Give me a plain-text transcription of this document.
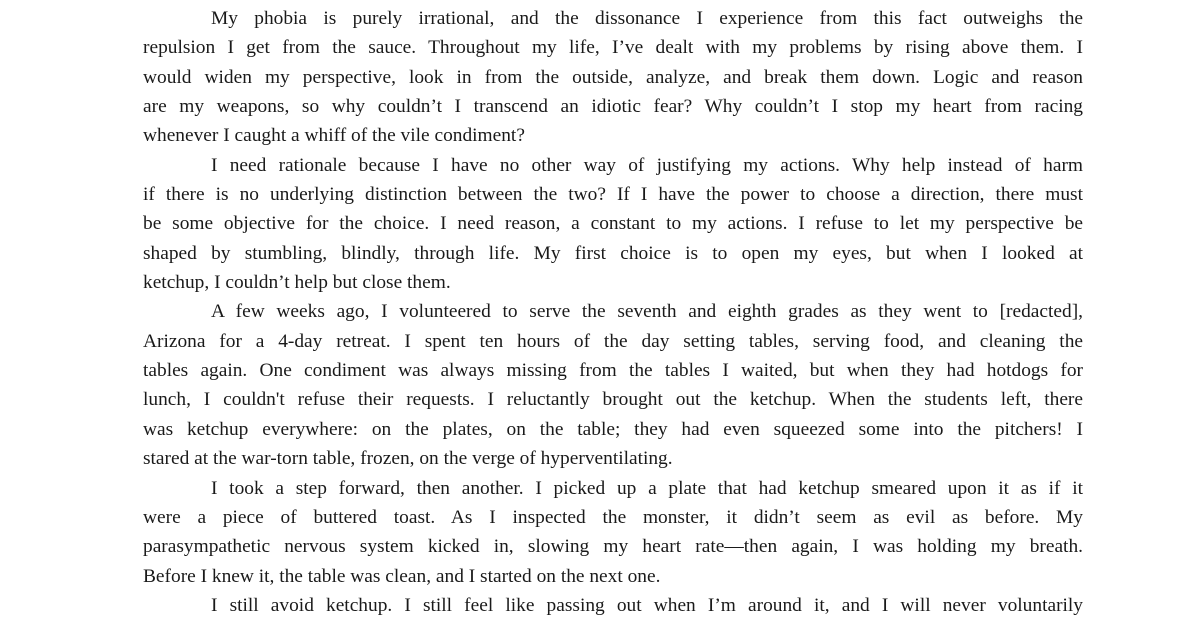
My phobia is purely irrational, and the dissonance I experience from this fact outweighs the
repulsion I get from the sauce. Throughout my life, I’ve dealt with my problems by rising above them. I
would widen my perspective, look in from the outside, analyze, and break them down. Logic and reason
are my weapons, so why couldn’t I transcend an idiotic fear? Why couldn’t I stop my heart from racing
whenever I caught a whiff of the vile condiment?
I need rationale because I have no other way of justifying my actions. Why help instead of harm
if there is no underlying distinction between the two? If I have the power to choose a direction, there must
be some objective for the choice. I need reason, a constant to my actions. I refuse to let my perspective be
shaped by stumbling, blindly, through life. My first choice is to open my eyes, but when I looked at
ketchup, I couldn’t help but close them.
A few weeks ago, I volunteered to serve the seventh and eighth grades as they went to [redacted],
Arizona for a 4-day retreat. I spent ten hours of the day setting tables, serving food, and cleaning the
tables again. One condiment was always missing from the tables I waited, but when they had hotdogs for
lunch, I couldn't refuse their requests. I reluctantly brought out the ketchup. When the students left, there
was ketchup everywhere: on the plates, on the table; they had even squeezed some into the pitchers! I
stared at the war-torn table, frozen, on the verge of hyperventilating.
I took a step forward, then another. I picked up a plate that had ketchup smeared upon it as if it
were a piece of buttered toast. As I inspected the monster, it didn’t seem as evil as before. My
parasympathetic nervous system kicked in, slowing my heart rate—then again, I was holding my breath.
Before I knew it, the table was clean, and I started on the next one.
I still avoid ketchup. I still feel like passing out when I’m around it, and I will never voluntarily
